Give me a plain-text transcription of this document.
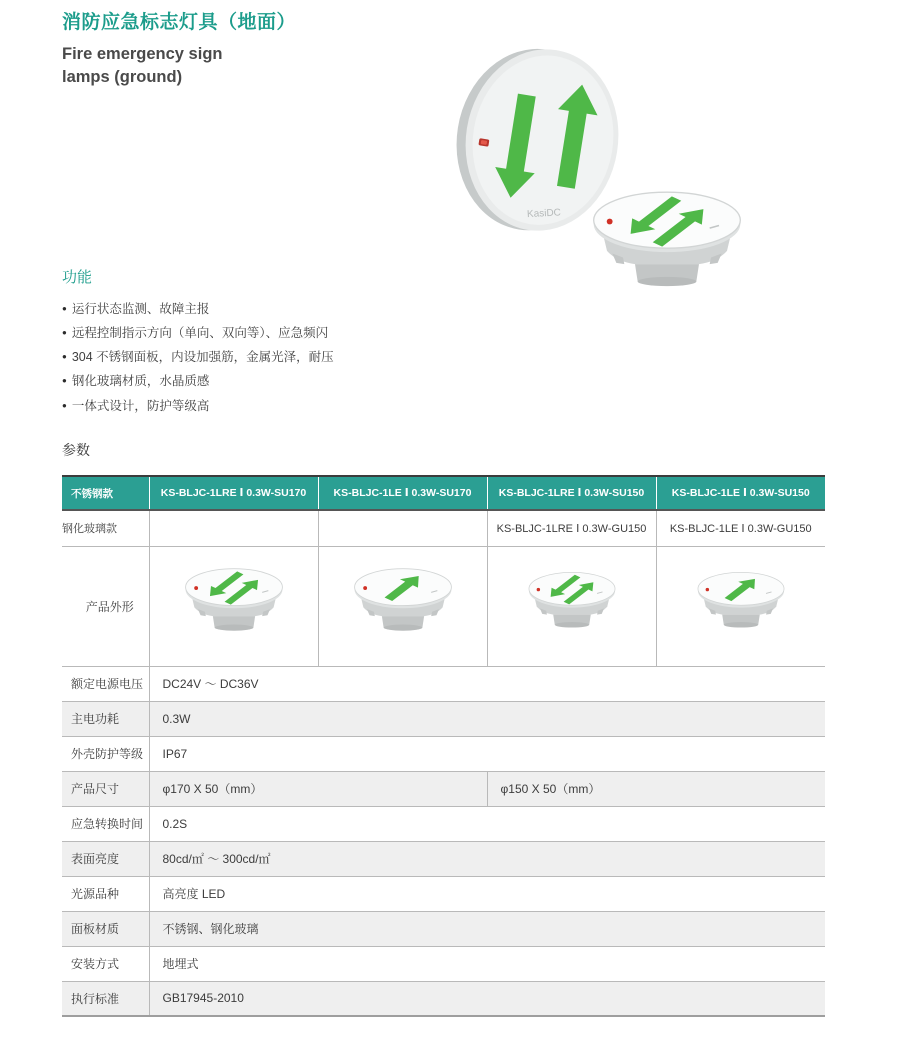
消防应急标志灯具（地面）
Fire emergency sign
lamps (ground)
KasiDC
功能
● 运行状态监测、故障主报
● 远程控制指示方向（单向、双向等）、应急频闪
● 304 不锈钢面板，内设加强筋，金属光泽，耐压
● 钢化玻璃材质，水晶质感
● 一体式设计，防护等级高
参数
不锈钢款	KS-BLJC-1LRE Ⅰ 0.3W-SU170	KS-BLJC-1LE Ⅰ 0.3W-SU170	KS-BLJC-1LRE Ⅰ 0.3W-SU150	KS-BLJC-1LE Ⅰ 0.3W-SU150
钢化玻璃款			KS-BLJC-1LRE Ⅰ 0.3W-GU150	KS-BLJC-1LE Ⅰ 0.3W-GU150
产品外形				
额定电源电压	DC24V ～ DC36V			
主电功耗	0.3W			
外壳防护等级	IP67			
产品尺寸	φ170 X 50（mm）		φ150 X 50（mm）	
应急转换时间	0.2S			
表面亮度	80cd/㎡ ～ 300cd/㎡			
光源品种	高亮度 LED			
面板材质	不锈钢、钢化玻璃			
安装方式	地埋式			
执行标准	GB17945-2010			
